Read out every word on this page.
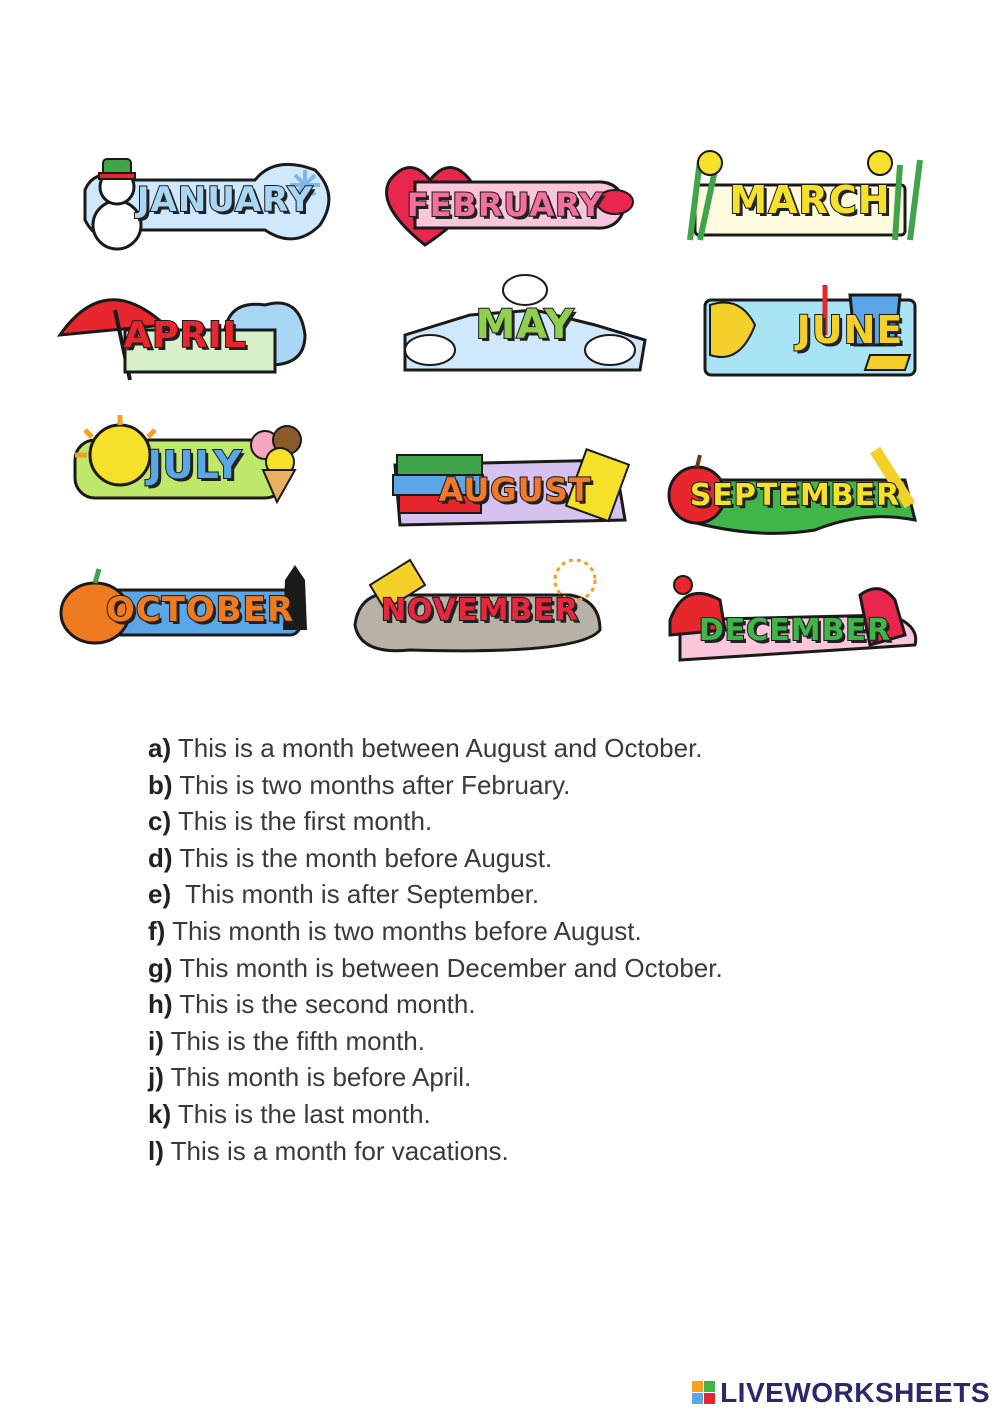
JANUARY	FEBRUARY	MARCH
APRIL	MAY	JUNE
JULY
AUGUST	SEPTEMBER
OCTOBER	NOVEMBER
DECEMBER
a) This is a month between August and October.
b) This is two months after February.
c) This is the first month.
d) This is the month before August.
e)  This month is after September.
f) This month is two months before August.
g) This month is between December and October.
h) This is the second month.
i) This is the fifth month.
j) This month is before April.
k) This is the last month.
l) This is a month for vacations.
LIVEWORKSHEETS
